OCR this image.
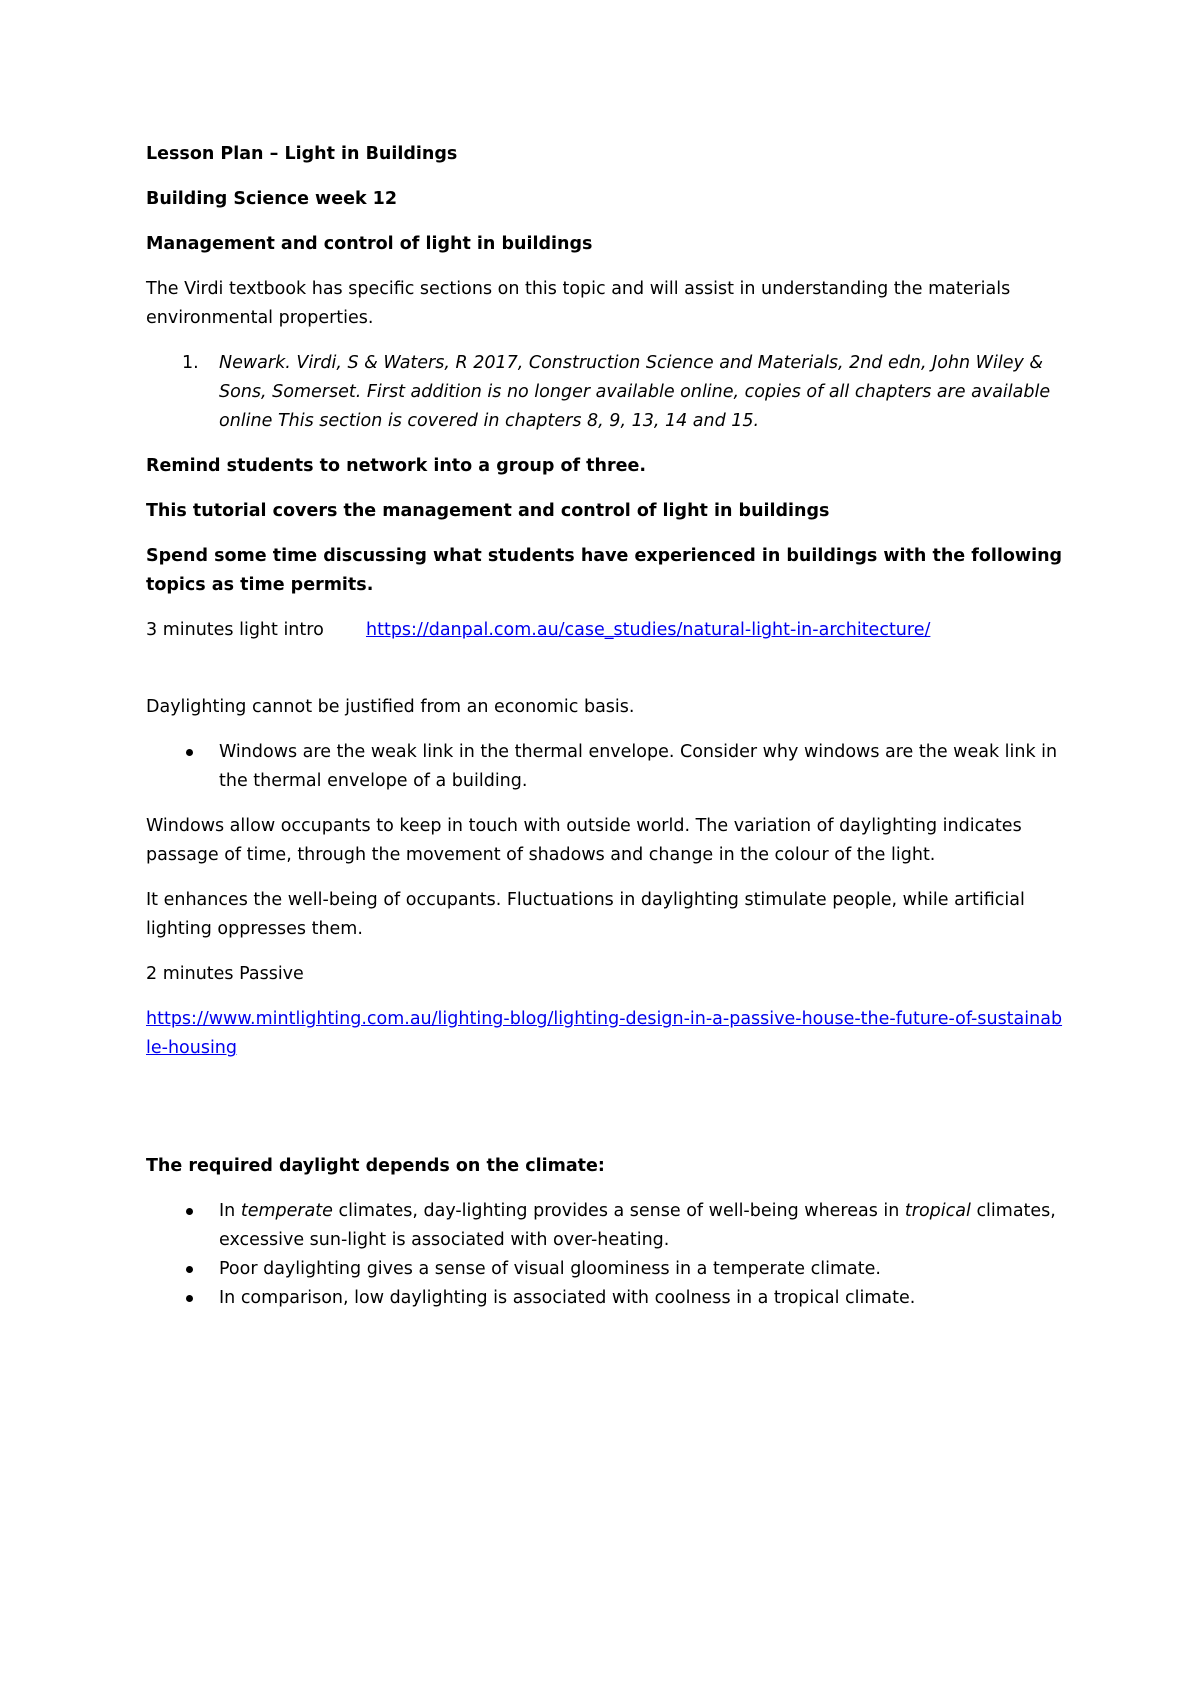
Lesson Plan – Light in Buildings

Building Science week 12

Management and control of light in buildings

The Virdi textbook has specific sections on this topic and will assist in understanding the materials environmental properties.

1. Newark. Virdi, S & Waters, R 2017, Construction Science and Materials, 2nd edn, John Wiley & Sons, Somerset. First addition is no longer available online, copies of all chapters are available online This section is covered in chapters 8, 9, 13, 14 and 15.

Remind students to network into a group of three.

This tutorial covers the management and control of light in buildings

Spend some time discussing what students have experienced in buildings with the following topics as time permits.

3 minutes light intro https://danpal.com.au/case_studies/natural-light-in-architecture/

Daylighting cannot be justified from an economic basis.

Windows are the weak link in the thermal envelope. Consider why windows are the weak link in the thermal envelope of a building.

Windows allow occupants to keep in touch with outside world. The variation of daylighting indicates passage of time, through the movement of shadows and change in the colour of the light.

It enhances the well-being of occupants. Fluctuations in daylighting stimulate people, while artificial lighting oppresses them.

2 minutes Passive

https://www.mintlighting.com.au/lighting-blog/lighting-design-in-a-passive-house-the-future-of-sustainable-housing

The required daylight depends on the climate:

In temperate climates, day-lighting provides a sense of well-being whereas in tropical climates, excessive sun-light is associated with over-heating.
Poor daylighting gives a sense of visual gloominess in a temperate climate.
In comparison, low daylighting is associated with coolness in a tropical climate.
